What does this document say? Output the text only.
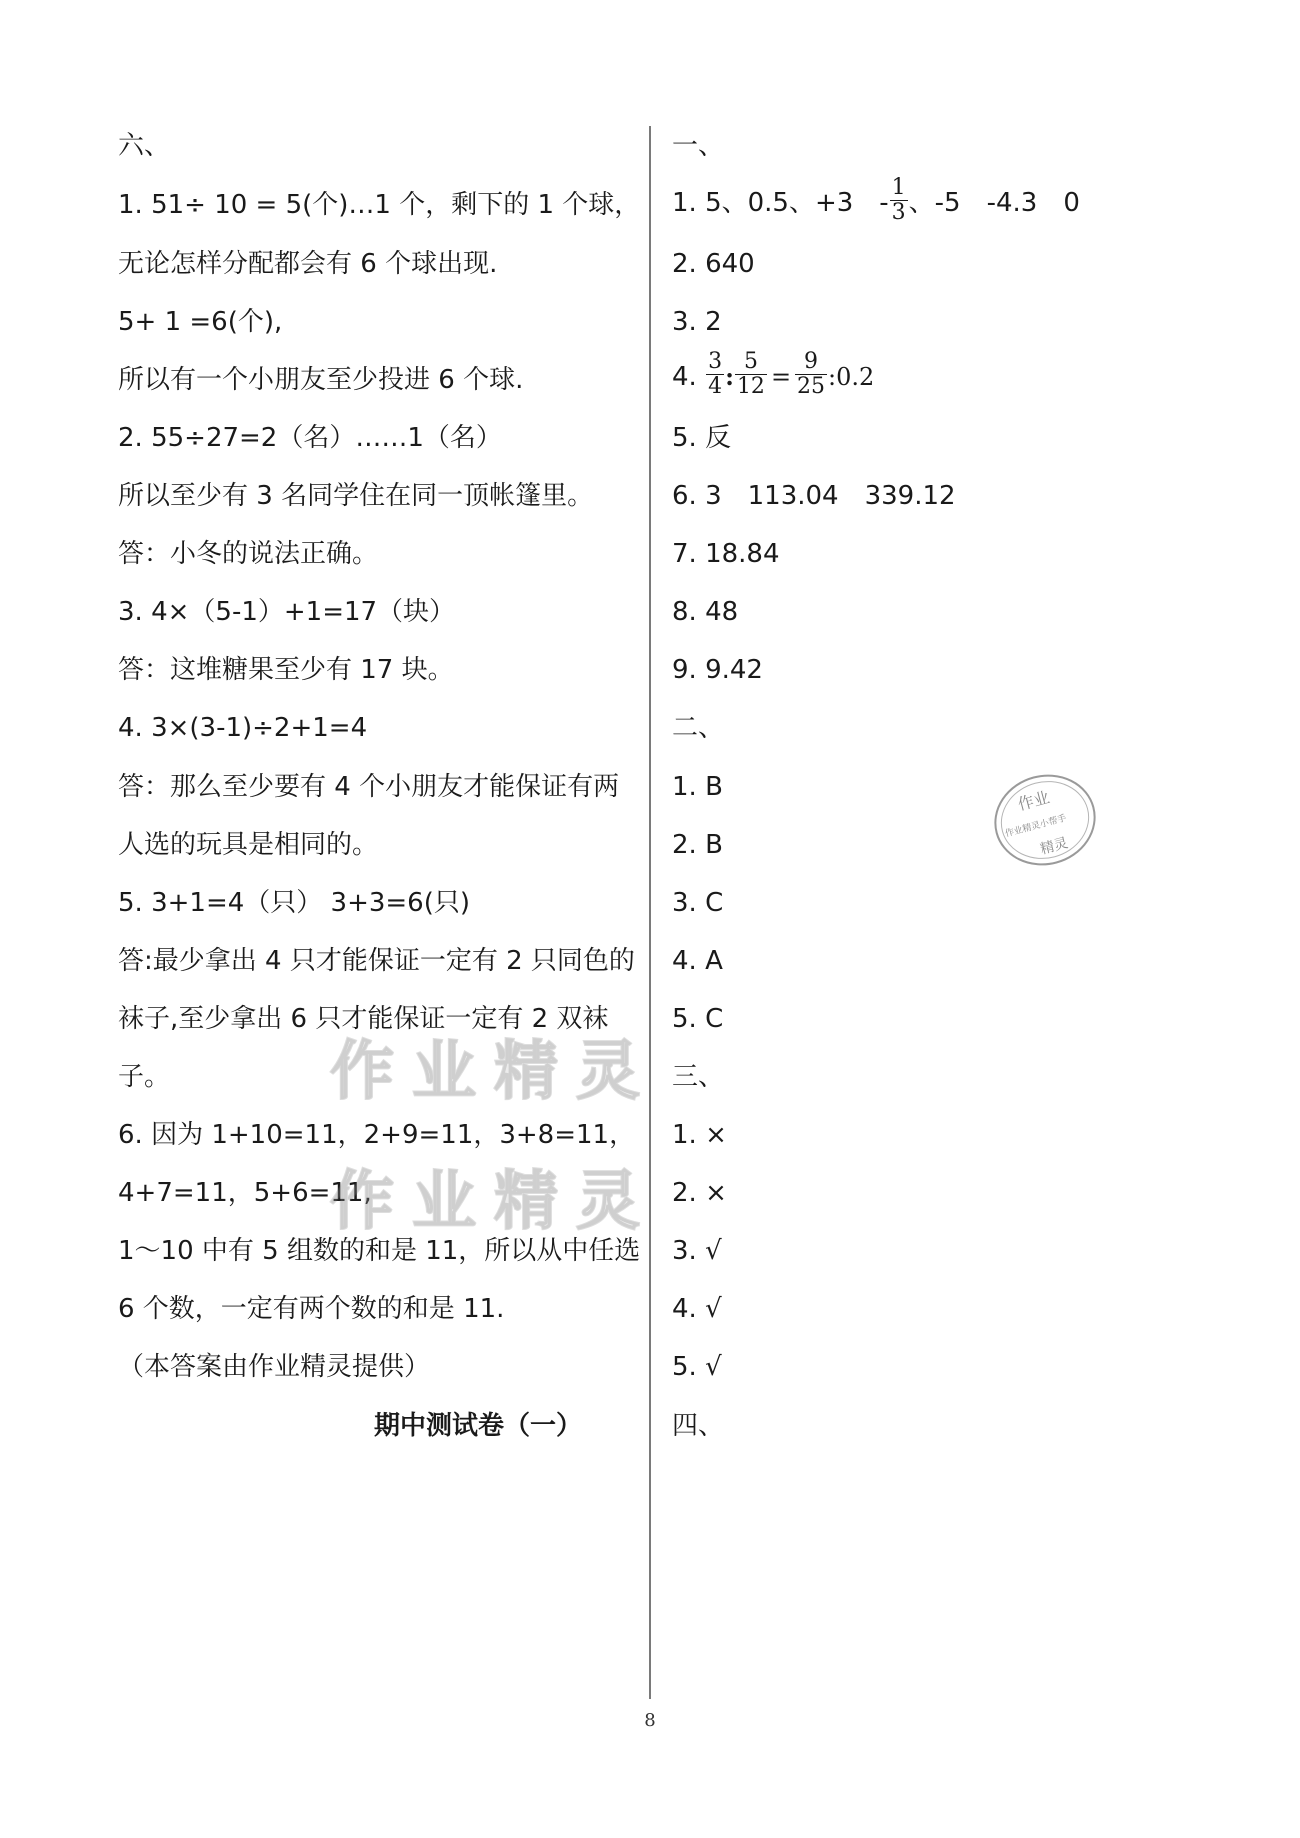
六、
1. 51÷ 10 = 5(个)…1 个，剩下的 1 个球，
无论怎样分配都会有 6 个球出现.
5+ 1 =6(个),
所以有一个小朋友至少投进 6 个球.
2. 55÷27=2（名）……1（名）
所以至少有 3 名同学住在同一顶帐篷里。
答：小冬的说法正确。
3. 4×（5-1）+1=17（块）
答：这堆糖果至少有 17 块。
4. 3×(3-1)÷2+1=4
答：那么至少要有 4 个小朋友才能保证有两
人选的玩具是相同的。
5. 3+1=4（只） 3+3=6(只)
答:最少拿出 4 只才能保证一定有 2 只同色的
袜子,至少拿出 6 只才能保证一定有 2 双袜
子。
6. 因为 1+10=11，2+9=11，3+8=11，
4+7=11，5+6=11,
1～10 中有 5 组数的和是 11，所以从中任选
6 个数，一定有两个数的和是 11.
（本答案由作业精灵提供）
期中测试卷（一）
一、
1. 5、0.5、+3　- $\frac{1}{3}$ 、-5　-4.3　0
2. 640
3. 2
4. $\frac{3}{4}$ : $\frac{5}{12} = \frac{9}{25}$ :0.2
5. 反
6. 3　113.04　339.12
7. 18.84
8. 48
9. 9.42
二、
1. B
2. B
3. C
4. A
5. C
三、
1. ×
2. ×
3. √
4. √
5. √
四、
作业精灵
作业精灵
作业
作业精灵小帮手
精灵
8
